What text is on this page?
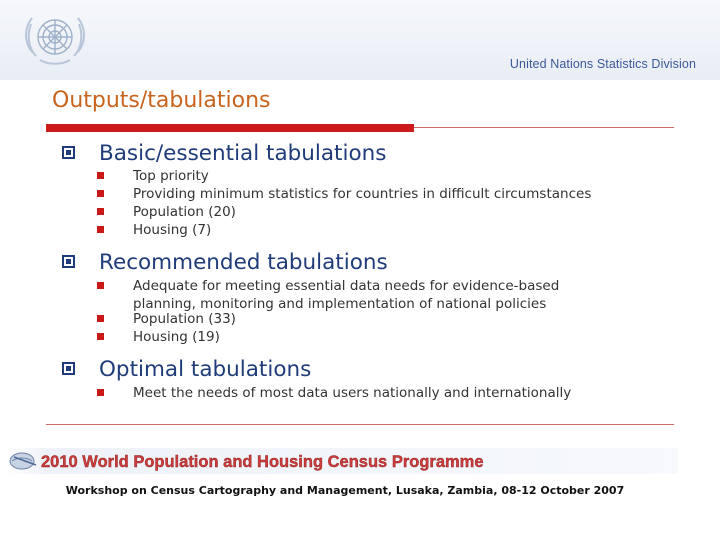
United Nations Statistics Division
Outputs/tabulations
Basic/essential tabulations
Top priority
Providing minimum statistics for countries in difficult circumstances
Population (20)
Housing (7)
Recommended tabulations
Adequate for meeting essential data needs for evidence-based
planning, monitoring and implementation of national policies
Population (33)
Housing (19)
Optimal tabulations
Meet the needs of most data users nationally and internationally
2010 World Population and Housing Census Programme
Workshop on Census Cartography and Management, Lusaka, Zambia, 08-12 October 2007
